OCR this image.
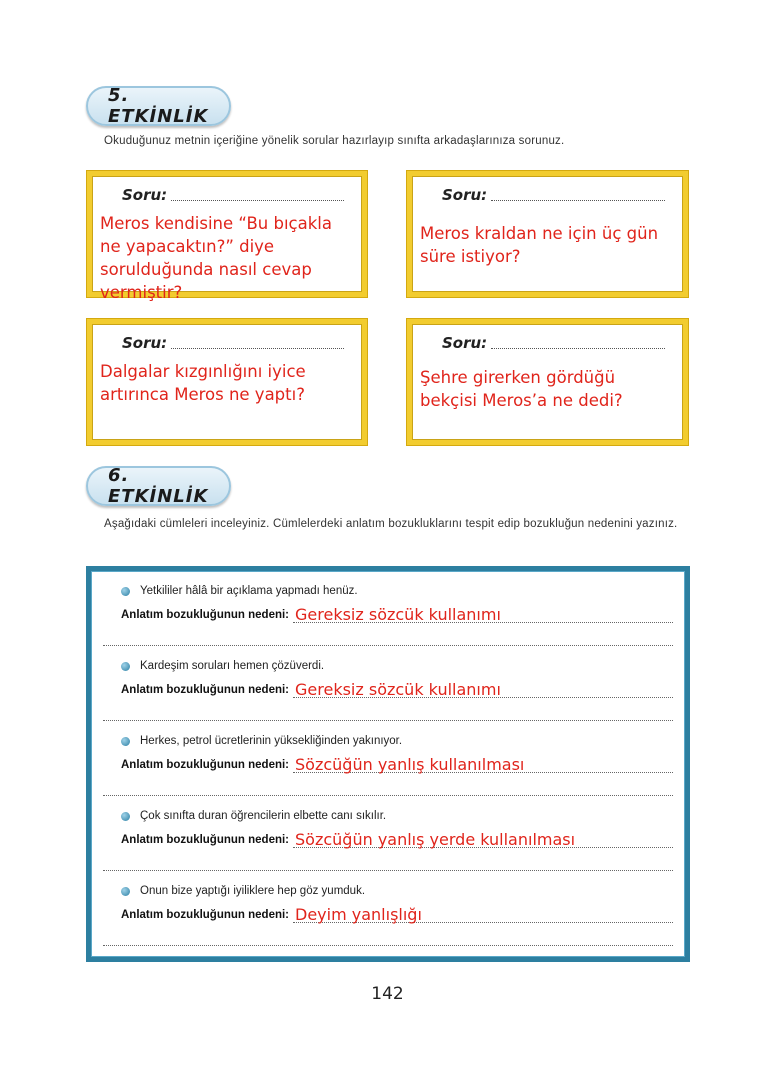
5. ETKİNLİK
Okuduğunuz metnin içeriğine yönelik sorular hazırlayıp sınıfta arkadaşlarınıza sorunuz.
Soru:
Meros kendisine “Bu bıçakla ne yapacaktın?” diye sorulduğunda nasıl cevap vermiştir?
Soru:
Meros kraldan ne için üç gün süre istiyor?
Soru:
Dalgalar kızgınlığını iyice artırınca Meros ne yaptı?
Soru:
Şehre girerken gördüğü bekçisi Meros’a ne dedi?
6. ETKİNLİK
Aşağıdaki cümleleri inceleyiniz. Cümlelerdeki anlatım bozukluklarını tespit edip bozukluğun nedenini yazınız.
Yetkililer hâlâ bir açıklama yapmadı henüz.
Anlatım bozukluğunun nedeni: Gereksiz sözcük kullanımı
Kardeşim soruları hemen çözüverdi.
Anlatım bozukluğunun nedeni: Gereksiz sözcük kullanımı
Herkes, petrol ücretlerinin yüksekliğinden yakınıyor.
Anlatım bozukluğunun nedeni: Sözcüğün yanlış kullanılması
Çok sınıfta duran öğrencilerin elbette canı sıkılır.
Anlatım bozukluğunun nedeni: Sözcüğün yanlış yerde kullanılması
Onun bize yaptığı iyiliklere hep göz yumduk.
Anlatım bozukluğunun nedeni: Deyim yanlışlığı
142
